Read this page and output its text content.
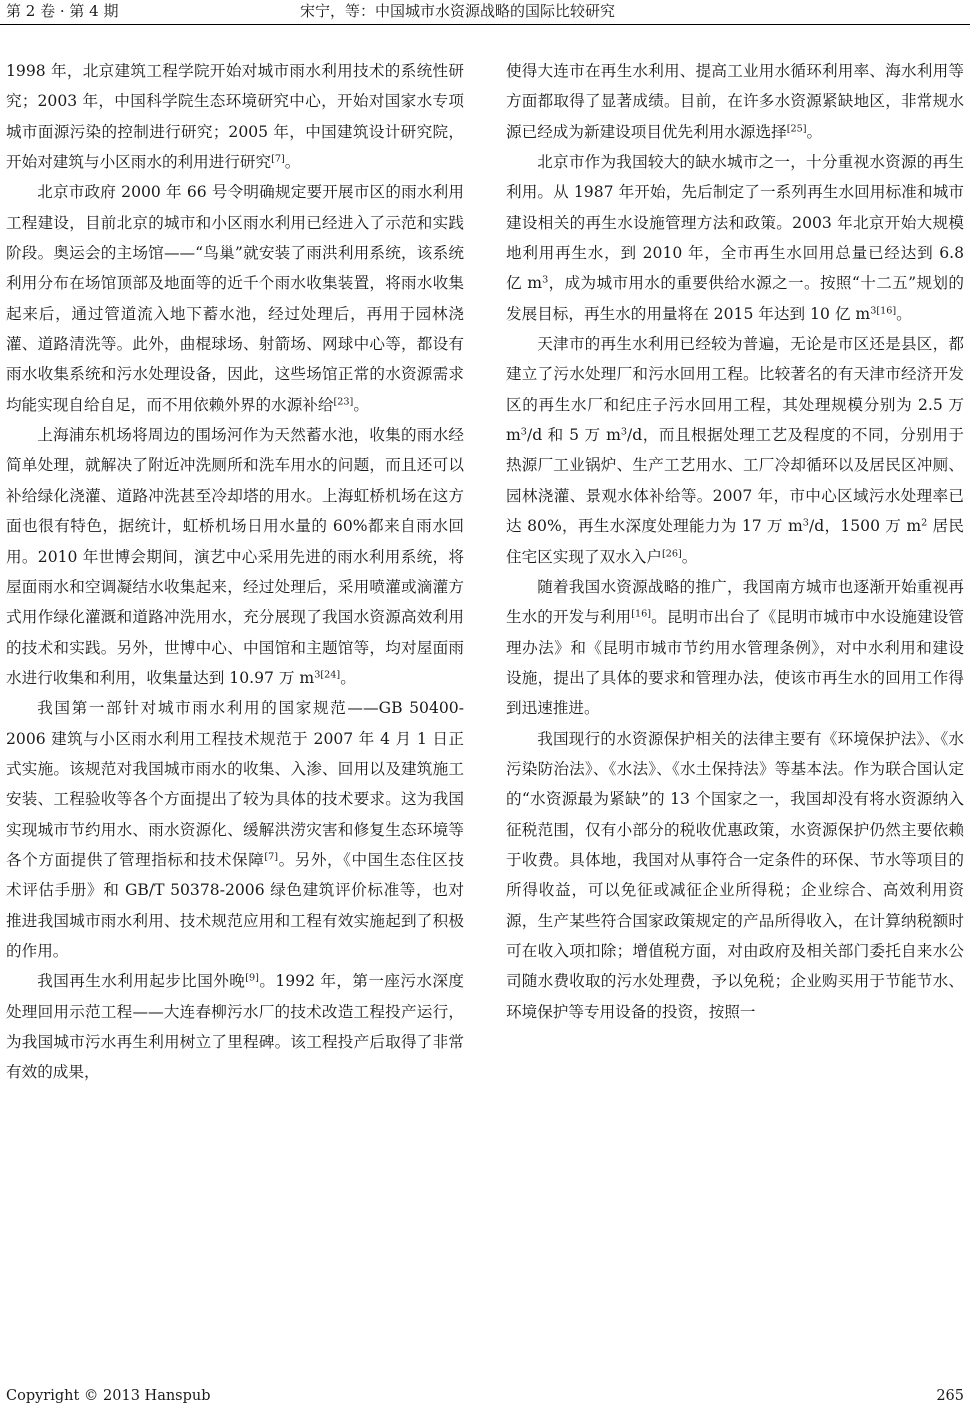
第 2 卷 · 第 4 期	宋宁，等：中国城市水资源战略的国际比较研究

1998 年，北京建筑工程学院开始对城市雨水利用技术的系统性研究；2003 年，中国科学院生态环境研究中心，开始对国家水专项城市面源污染的控制进行研究；2005 年，中国建筑设计研究院，开始对建筑与小区雨水的利用进行研究[7]。

北京市政府 2000 年 66 号令明确规定要开展市区的雨水利用工程建设，目前北京的城市和小区雨水利用已经进入了示范和实践阶段。奥运会的主场馆——“鸟巢”就安装了雨洪利用系统，该系统利用分布在场馆顶部及地面等的近千个雨水收集装置，将雨水收集起来后，通过管道流入地下蓄水池，经过处理后，再用于园林浇灌、道路清洗等。此外，曲棍球场、射箭场、网球中心等，都设有雨水收集系统和污水处理设备，因此，这些场馆正常的水资源需求均能实现自给自足，而不用依赖外界的水源补给[23]。

上海浦东机场将周边的围场河作为天然蓄水池，收集的雨水经简单处理，就解决了附近冲洗厕所和洗车用水的问题，而且还可以补给绿化浇灌、道路冲洗甚至冷却塔的用水。上海虹桥机场在这方面也很有特色，据统计，虹桥机场日用水量的 60%都来自雨水回用。2010 年世博会期间，演艺中心采用先进的雨水利用系统，将屋面雨水和空调凝结水收集起来，经过处理后，采用喷灌或滴灌方式用作绿化灌溉和道路冲洗用水，充分展现了我国水资源高效利用的技术和实践。另外，世博中心、中国馆和主题馆等，均对屋面雨水进行收集和利用，收集量达到 10.97 万 $m^{3[24]}$。

我国第一部针对城市雨水利用的国家规范——GB 50400-2006 建筑与小区雨水利用工程技术规范于 2007 年 4 月 1 日正式实施。该规范对我国城市雨水的收集、入渗、回用以及建筑施工安装、工程验收等各个方面提出了较为具体的技术要求。这为我国实现城市节约用水、雨水资源化、缓解洪涝灾害和修复生态环境等各个方面提供了管理指标和技术保障[7]。另外，《中国生态住区技术评估手册》和 GB/T 50378-2006 绿色建筑评价标准等，也对推进我国城市雨水利用、技术规范应用和工程有效实施起到了积极的作用。

我国再生水利用起步比国外晚[9]。1992 年，第一座污水深度处理回用示范工程——大连春柳污水厂的技术改造工程投产运行，为我国城市污水再生利用树立了里程碑。该工程投产后取得了非常有效的成果，

使得大连市在再生水利用、提高工业用水循环利用率、海水利用等方面都取得了显著成绩。目前，在许多水资源紧缺地区，非常规水源已经成为新建设项目优先利用水源选择[25]。

北京市作为我国较大的缺水城市之一，十分重视水资源的再生利用。从 1987 年开始，先后制定了一系列再生水回用标准和城市建设相关的再生水设施管理方法和政策。2003 年北京开始大规模地利用再生水，到 2010 年，全市再生水回用总量已经达到 6.8 亿 $m^3$，成为城市用水的重要供给水源之一。按照“十二五”规划的发展目标，再生水的用量将在 2015 年达到 10 亿 $m^{3[16]}$。

天津市的再生水利用已经较为普遍，无论是市区还是县区，都建立了污水处理厂和污水回用工程。比较著名的有天津市经济开发区的再生水厂和纪庄子污水回用工程，其处理规模分别为 2.5 万 $m^3/d$ 和 5 万 $m^3/d$，而且根据处理工艺及程度的不同，分别用于热源厂工业锅炉、生产工艺用水、工厂冷却循环以及居民区冲厕、园林浇灌、景观水体补给等。2007 年，市中心区域污水处理率已达 80%，再生水深度处理能力为 17 万 $m^3/d$，1500 万 $m^2$ 居民住宅区实现了双水入户[26]。

随着我国水资源战略的推广，我国南方城市也逐渐开始重视再生水的开发与利用[16]。昆明市出台了《昆明市城市中水设施建设管理办法》和《昆明市城市节约用水管理条例》，对中水利用和建设设施，提出了具体的要求和管理办法，使该市再生水的回用工作得到迅速推进。

我国现行的水资源保护相关的法律主要有《环境保护法》、《水污染防治法》、《水法》、《水土保持法》等基本法。作为联合国认定的“水资源最为紧缺”的 13 个国家之一，我国却没有将水资源纳入征税范围，仅有小部分的税收优惠政策，水资源保护仍然主要依赖于收费。具体地，我国对从事符合一定条件的环保、节水等项目的所得收益，可以免征或减征企业所得税；企业综合、高效利用资源，生产某些符合国家政策规定的产品所得收入，在计算纳税额时可在收入项扣除；增值税方面，对由政府及相关部门委托自来水公司随水费收取的污水处理费，予以免税；企业购买用于节能节水、环境保护等专用设备的投资，按照一

Copyright © 2013 Hanspub	265
